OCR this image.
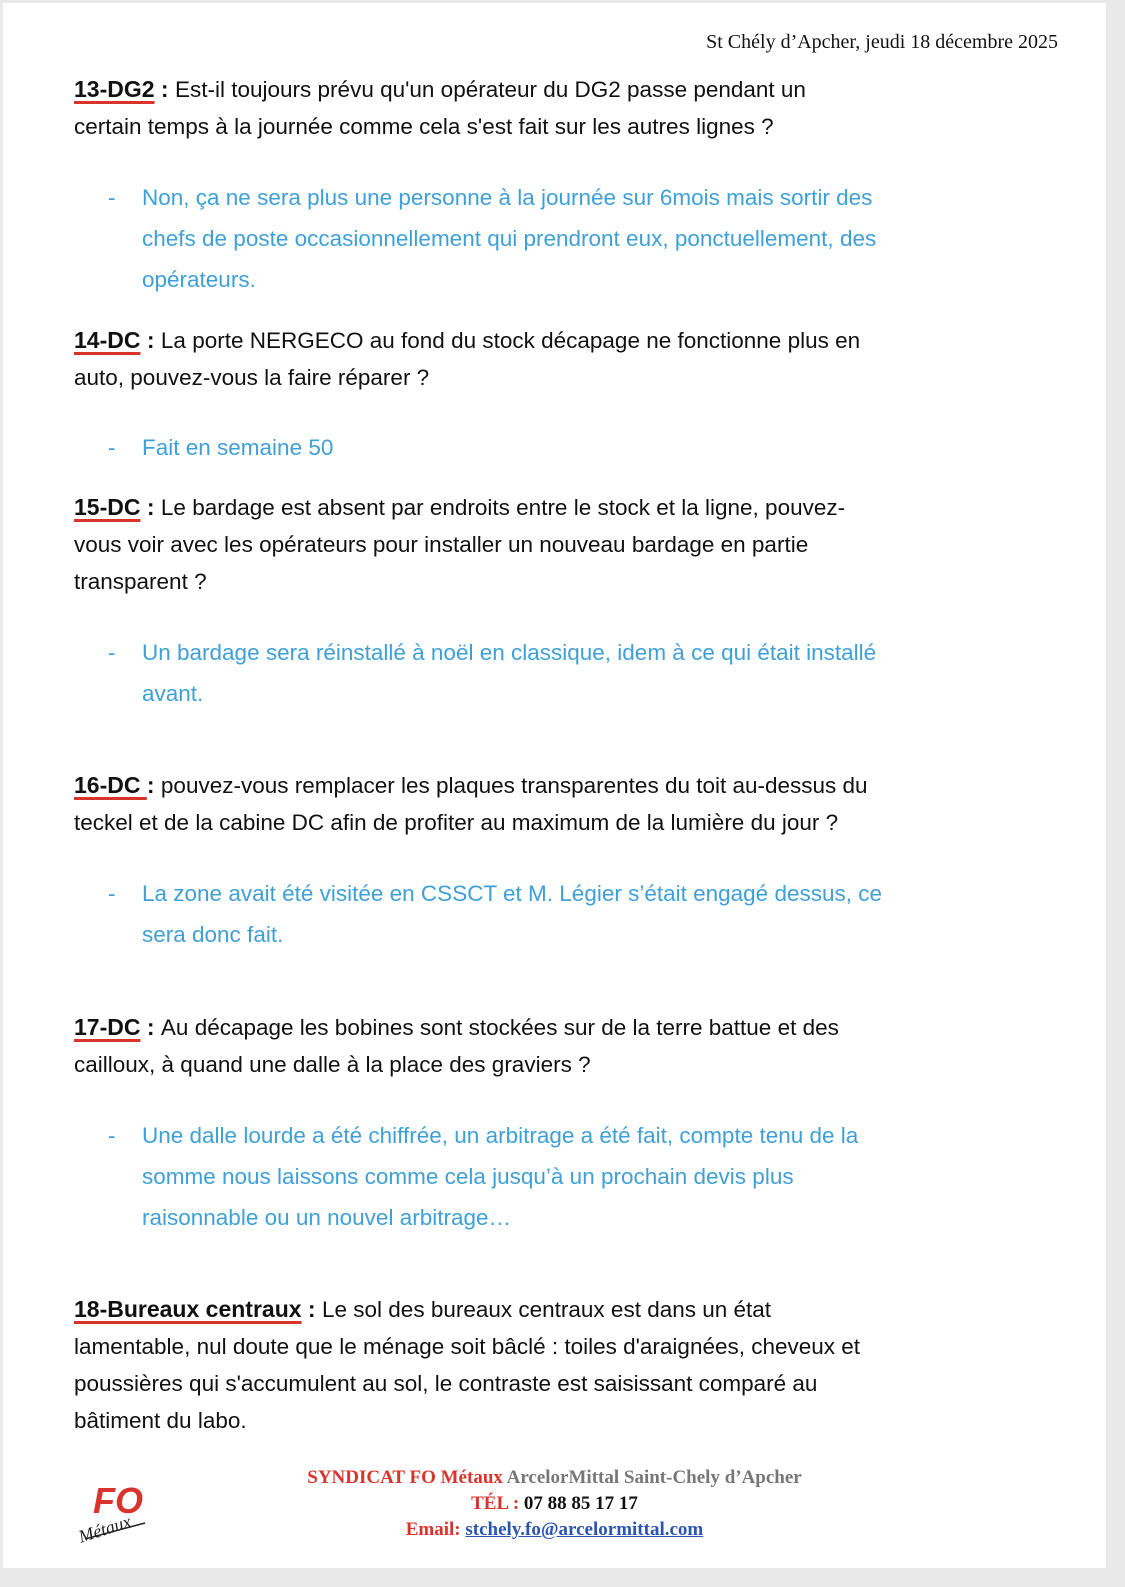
St Chély d’Apcher, jeudi 18 décembre 2025
13-DG2 : Est-il toujours prévu qu'un opérateur du DG2 passe pendant un
certain temps à la journée comme cela s'est fait sur les autres lignes ?
-	Non, ça ne sera plus une personne à la journée sur 6mois mais sortir des
chefs de poste occasionnellement qui prendront eux, ponctuellement, des
opérateurs.
14-DC : La porte NERGECO au fond du stock décapage ne fonctionne plus en
auto, pouvez-vous la faire réparer ?
-	Fait en semaine 50
15-DC : Le bardage est absent par endroits entre le stock et la ligne, pouvez-
vous voir avec les opérateurs pour installer un nouveau bardage en partie
transparent ?
-	Un bardage sera réinstallé à noël en classique, idem à ce qui était installé
avant.
16-DC : pouvez-vous remplacer les plaques transparentes du toit au-dessus du
teckel et de la cabine DC afin de profiter au maximum de la lumière du jour ?
-	La zone avait été visitée en CSSCT et M. Légier s’était engagé dessus, ce
sera donc fait.
17-DC : Au décapage les bobines sont stockées sur de la terre battue et des
cailloux, à quand une dalle à la place des graviers ?
-	Une dalle lourde a été chiffrée, un arbitrage a été fait, compte tenu de la
somme nous laissons comme cela jusqu’à un prochain devis plus
raisonnable ou un nouvel arbitrage…
18-Bureaux centraux : Le sol des bureaux centraux est dans un état
lamentable, nul doute que le ménage soit bâclé : toiles d'araignées, cheveux et
poussières qui s'accumulent au sol, le contraste est saisissant comparé au
bâtiment du labo.
FO
Métaux
SYNDICAT FO Métaux ArcelorMittal Saint-Chely d’Apcher
TÉL : 07 88 85 17 17
Email: stchely.fo@arcelormittal.com
